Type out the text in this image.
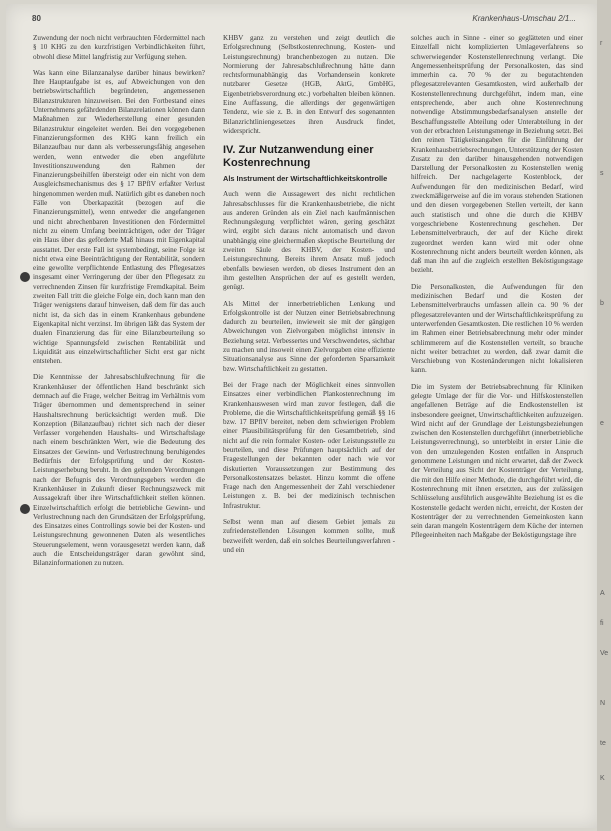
80	Krankenhaus-Umschau 2/1...

Zuwendung der noch nicht verbrauchten Fördermittel nach § 10 KHG zu den kurzfristigen Verbindlichkeiten führt, obwohl diese Mittel langfristig zur Verfügung stehen.

Was kann eine Bilanzanalyse darüber hinaus bewirken? Ihre Hauptaufgabe ist es, auf Abweichungen von den betriebswirtschaftlich begründeten, angemessenen Bilanzstrukturen hinzuweisen. Bei den Fortbestand eines Unternehmens gefährdenden Bilanzrelationen können dann Maßnahmen zur Wiederherstellung einer gesunden Bilanzstruktur eingeleitet werden. Bei den vorgegebenen Finanzierungsformen des KHG kann freilich ein Bilanzaufbau nur dann als verbesserungsfähig angesehen werden, wenn entweder die eben angeführte Investitionszuwendung den Rahmen der Finanzierungsbeihilfen übersteigt oder ein nicht von dem Ausgleichsmechanismus des § 17 BPflV erfaßter Verlust hingenommen werden muß. Natürlich gibt es daneben noch Fälle von Überkapazität (bezogen auf die Finanzierungsmittel), wenn entweder die angefangenen und nicht abrechenbaren Investitionen den Fördermittel nicht zu einem Umfang beeinträchtigen, oder der Träger ein Haus über das geförderte Maß hinaus mit Eigenkapital ausstattet. Der erste Fall ist systembedingt, seine Folge ist nicht etwa eine Beeinträchtigung der Rentabilität, sondern eine gewollte verpflichtende Entlastung des Pflegesatzes insgesamt einer Verringerung der über den Pflegesatz zu verrechnenden Zinsen für kurzfristige Fremdkapital. Beim zweiten Fall tritt die gleiche Folge ein, doch kann man den Träger wenigstens darauf hinweisen, daß dem für das auch nicht ist, da sich das in einem Krankenhaus gebundene Eigenkapital nicht verzinst. Im übrigen läßt das System der dualen Finanzierung das für eine Bilanzbeurteilung so wichtige Spannungsfeld zwischen Rentabilität und Liquidität aus einzelwirtschaftlicher Sicht erst gar nicht entstehen.

Die Kenntnisse der Jahresabschlußrechnung für die Krankenhäuser der öffentlichen Hand beschränkt sich demnach auf die Frage, welcher Beitrag im Verhältnis vom Träger übernommen und dementsprechend in seiner Haushaltsrechnung berücksichtigt werden muß. Die Konzeption (Bilanzaufbau) richtet sich nach der dieser Verfasser vorgehenden Haushalts- und Wirtschaftslage nach einem beschränkten Wert, wie die Bedeutung des Einsatzes der Gewinn- und Verlustrechnung beruhigendes Bedürfnis der Erfolgsprüfung und der Kosten-Leistungserhebung beruht. In den geltenden Verordnungen nach der Befugnis des Verordnungsgebers werden die Krankenhäuser in Zukunft dieser Rechnungszweck mit Aussagekraft über ihre Wirtschaftlichkeit stellen können. Einzelwirtschaftlich erfolgt die betriebliche Gewinn- und Verlustrechnung nach den Grundsätzen der Erfolgsprüfung, des Einsatzes eines Controllings sowie bei der Kosten- und Leistungsrechnung gewonnenen Daten als wesentliches Steuerungselement, wenn vorausgesetzt werden kann, daß auch die Entscheidungsträger daran gewöhnt sind, Bilanzinformationen zu nutzen.

KHBV ganz zu verstehen und zeigt deutlich die Erfolgsrechnung (Selbstkostenrechnung, Kosten- und Leistungsrechnung) branchenbezogen zu nutzen. Die Normierung der Jahresabschlußrechnung hätte dann rechtsformunabhängig das Vorhandensein konkrete nutzbarer Gesetze (HGB, AktG, GmbHG, Eigenbetriebsverordnung etc.) vorbehalten bleiben können. Eine Auffassung, die allerdings der gegenwärtigen Tendenz, wie sie z. B. in den Entwurf des sogenannten Bilanzrichtliniengesetzes ihren Ausdruck findet, widerspricht.

IV. Zur Nutzanwendung einer Kostenrechnung
Als Instrument der Wirtschaftlichkeitskontrolle

Auch wenn die Aussagewert des nicht rechtlichen Jahresabschlusses für die Krankenhausbetriebe, die nicht aus anderen Gründen als ein Ziel nach kaufmännischen Rechnungslegung verpflichtet wären, gering geschätzt wird, ergibt sich daraus nicht automatisch und davon unabhängig eine gleichermaßen skeptische Beurteilung der zweiten Säule des KHBV, der Kosten- und Leistungsrechnung. Bereits ihrem Ansatz muß jedoch ebenfalls bewiesen werden, ob dieses Instrument den an ihm gestellten Ansprüchen der auf es gestellt werden, genügt.

Als Mittel der innerbetrieblichen Lenkung und Erfolgskontrolle ist der Nutzen einer Betriebsabrechnung dadurch zu beurteilen, inwieweit sie mit der gängigen Abweichungen von Zielvorgaben möglichst intensiv in Beziehung setzt. Verbessertes und Verschwendetes, sichtbar zu machen und insoweit einen Zielvorgaben eine effiziente Situationsanalyse aus Sinne der geforderten Sparsamkeit bzw. Wirtschaftlichkeit zu gestatten.

Bei der Frage nach der Möglichkeit eines sinnvollen Einsatzes einer verbindlichen Plankostenrechnung im Krankenhauswesen wird man zuvor festlegen, daß die Probleme, die die Wirtschaftlichkeitsprüfung gemäß §§ 16 bzw. 17 BPflV bereitet, neben dem schwierigen Problem einer Plausibilitätsprüfung für den Gesamtbetrieb, sind nicht auf die rein formaler Kosten- oder Leistungsstelle zu beurteilen, und diese Prüfungen hauptsächlich auf der Fragestellungen der bekannten oder nach wie vor diskutierten Voraussetzungen zur Bestimmung des Personalkostensatzes belastet. Hinzu kommt die offene Frage nach den Angemessenheit der Zahl verschiedener Leistungen z. B. bei der medizinisch technischen Infrastruktur.

Selbst wenn man auf diesem Gebiet jemals zu zufriedenstellenden Lösungen kommen sollte, muß bezweifelt werden, daß ein solches Beurteilungsverfahren - und ein

solches auch in Sinne - einer so geglätteten und einer Einzelfall nicht komplizierten Umlageverfahrens so schwerwiegender Kostenstellenrechnung verlangt. Die Angemessenheitsprüfung der Personalkosten, das sind immerhin ca. 70 % der zu begutachtenden pflegesatzrelevanten Gesamtkosten, wird außerhalb der Kostenstellenrechnung durchgeführt, indem man, eine entsprechende, aber auch ohne Kostenrechnung notwendige Abstimmungsbedarfsanalysen anstelle der Beschaffungsstelle Abteilung oder Unterabteilung in der von der erbrachten Leistungsmenge in Beziehung setzt. Bei den reinen Tätigkeitsangaben für die Einführung der Krankenhausbetriebsrechnungen, Unterstützung der Kosten Zusatz zu den darüber hinausgehenden notwendigen Darstellung der Personalkosten zu Kostenstellen wenig hilfreich. Der nachgelagerte Kostenblock, der Aufwendungen für den medizinischen Bedarf, wird zweckmäßigerweise auf die im voraus stehenden Stationen und den diesen vorgegebenen Stellen verteilt, der kann auch statistisch und ohne die durch die KHBV vorgeschriebene Kostenrechnung geschehen. Der Lebensmittelverbrauch, der auf der Küche direkt zugeordnet werden kann wird mit oder ohne Kostenrechnung nicht anders beurteilt werden können, als daß man ihn auf die zugleich erstellten Beköstigungstage bezieht.

Die Personalkosten, die Aufwendungen für den medizinischen Bedarf und die Kosten der Lebensmittelverbrauchs umfassen allein ca. 90 % der pflegesatzrelevanten und der Wirtschaftlichkeitsprüfung zu unterwerfenden Gesamtkosten. Die restlichen 10 % werden im Rahmen einer Betriebsabrechnung mehr oder minder schlimmerem auf die Kostenstellen verteilt, so brauche nicht weiter betrachtet zu werden, daß zwar damit die Verschiebung von Kostenänderungen nicht lokalisieren kann.

Die im System der Betriebsabrechnung für Kliniken gelegte Umlage der für die Vor- und Hilfskostenstellen angefallenen Beträge auf die Endkostenstellen ist insbesondere geeignet, Unwirtschaftlichkeiten aufzuzeigen. Wird nicht auf der Grundlage der Leistungsbeziehungen zwischen den Kostenstellen durchgeführt (innerbetriebliche Leistungsverrechnung), so unterbleibt in erster Linie die von den umzulegenden Kosten entfallen in Anspruch genommene Leistungen und nicht erwartet, daß der Zweck der Verteilung aus Sicht der Kostenträger der Verteilung, die mit den Hilfe einer Methode, die durchgeführt wird, die Kostenrechnung mit ihnen ersetzten, aus der zulässigen Schlüsselung ausführlich ausgewählte Beziehung ist es die Kostenstelle gedacht werden nicht, erreicht, der Kosten der Kostenträger der zu verrechnenden Gemeinkosten kann sein daran mangeln Kostenträgern dem Küche der internen Pflegeeinheiten nach Maßgabe der Beköstigungstage ihre

r
s
b
e
A
fi
Ve
N
te
K
